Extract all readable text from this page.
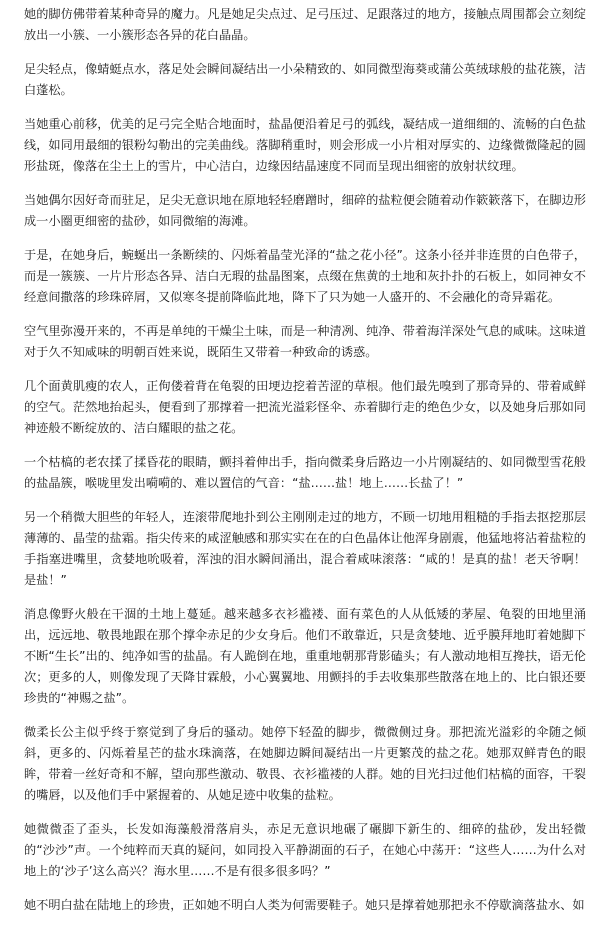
她的脚仿佛带着某种奇异的魔力。凡是她足尖点过、足弓压过、足跟落过的地方，接触点周围都会立刻绽放出一小簇、一小簇形态各异的花白晶晶。

足尖轻点，像蜻蜓点水，落足处会瞬间凝结出一小朵精致的、如同微型海葵或蒲公英绒球般的盐花簇，洁白蓬松。

当她重心前移，优美的足弓完全贴合地面时，盐晶便沿着足弓的弧线，凝结成一道细细的、流畅的白色盐线，如同用最细的银粉勾勒出的完美曲线。落脚稍重时，则会形成一小片相对厚实的、边缘微微隆起的圆形盐斑，像落在尘土上的雪片，中心洁白，边缘因结晶速度不同而呈现出细密的放射状纹理。

当她偶尔因好奇而驻足，足尖无意识地在原地轻轻磨蹭时，细碎的盐粒便会随着动作簌簌落下，在脚边形成一小圈更细密的盐砂，如同微缩的海滩。

于是，在她身后，蜿蜒出一条断续的、闪烁着晶莹光泽的“盐之花小径”。这条小径并非连贯的白色带子，而是一簇簇、一片片形态各异、洁白无瑕的盐晶图案，点缀在焦黄的土地和灰扑扑的石板上，如同神女不经意间撒落的珍珠碎屑，又似寒冬提前降临此地，降下了只为她一人盛开的、不会融化的奇异霜花。

空气里弥漫开来的，不再是单纯的干燥尘土味，而是一种清冽、纯净、带着海洋深处气息的咸味。这味道对于久不知咸味的明朝百姓来说，既陌生又带着一种致命的诱惑。

几个面黄肌瘦的农人，正佝偻着背在龟裂的田埂边挖着苦涩的草根。他们最先嗅到了那奇异的、带着咸鲜的空气。茫然地抬起头，便看到了那撑着一把流光溢彩怪伞、赤着脚行走的绝色少女，以及她身后那如同神迹般不断绽放的、洁白耀眼的盐之花。

一个枯槁的老农揉了揉昏花的眼睛，颤抖着伸出手，指向微柔身后路边一小片刚凝结的、如同微型雪花般的盐晶簇，喉咙里发出嗬嗬的、难以置信的气音：“盐……盐！地上……长盐了！”

另一个稍微大胆些的年轻人，连滚带爬地扑到公主刚刚走过的地方，不顾一切地用粗糙的手指去抠挖那层薄薄的、晶莹的盐霜。指尖传来的咸涩触感和那实实在在的白色晶体让他浑身剧震，他猛地将沾着盐粒的手指塞进嘴里，贪婪地吮吸着，浑浊的泪水瞬间涌出，混合着咸味滚落：“咸的！是真的盐！老天爷啊！是盐！”

消息像野火般在干涸的土地上蔓延。越来越多衣衫褴褛、面有菜色的人从低矮的茅屋、龟裂的田地里涌出，远远地、敬畏地跟在那个撑伞赤足的少女身后。他们不敢靠近，只是贪婪地、近乎膜拜地盯着她脚下不断“生长”出的、纯净如雪的盐晶。有人跪倒在地，重重地朝那背影磕头；有人激动地相互搀扶，语无伦次；更多的人，则像发现了天降甘霖般，小心翼翼地、用颤抖的手去收集那些散落在地上的、比白银还要珍贵的“神赐之盐”。

微柔长公主似乎终于察觉到了身后的骚动。她停下轻盈的脚步，微微侧过身。那把流光溢彩的伞随之倾斜，更多的、闪烁着星芒的盐水珠滴落，在她脚边瞬间凝结出一片更繁茂的盐之花。她那双鲜青色的眼眸，带着一丝好奇和不解，望向那些激动、敬畏、衣衫褴褛的人群。她的目光扫过他们枯槁的面容，干裂的嘴唇，以及他们手中紧握着的、从她足迹中收集的盐粒。

她微微歪了歪头，长发如海藻般滑落肩头，赤足无意识地碾了碾脚下新生的、细碎的盐砂，发出轻微的“沙沙”声。一个纯粹而天真的疑问，如同投入平静湖面的石子，在她心中荡开：“这些人……为什么对地上的‘沙子’这么高兴？海水里……不是有很多很多吗？”

她不明白盐在陆地上的珍贵，正如她不明白人类为何需要鞋子。她只是撑着她那把永不停歇滴落盐水、如
